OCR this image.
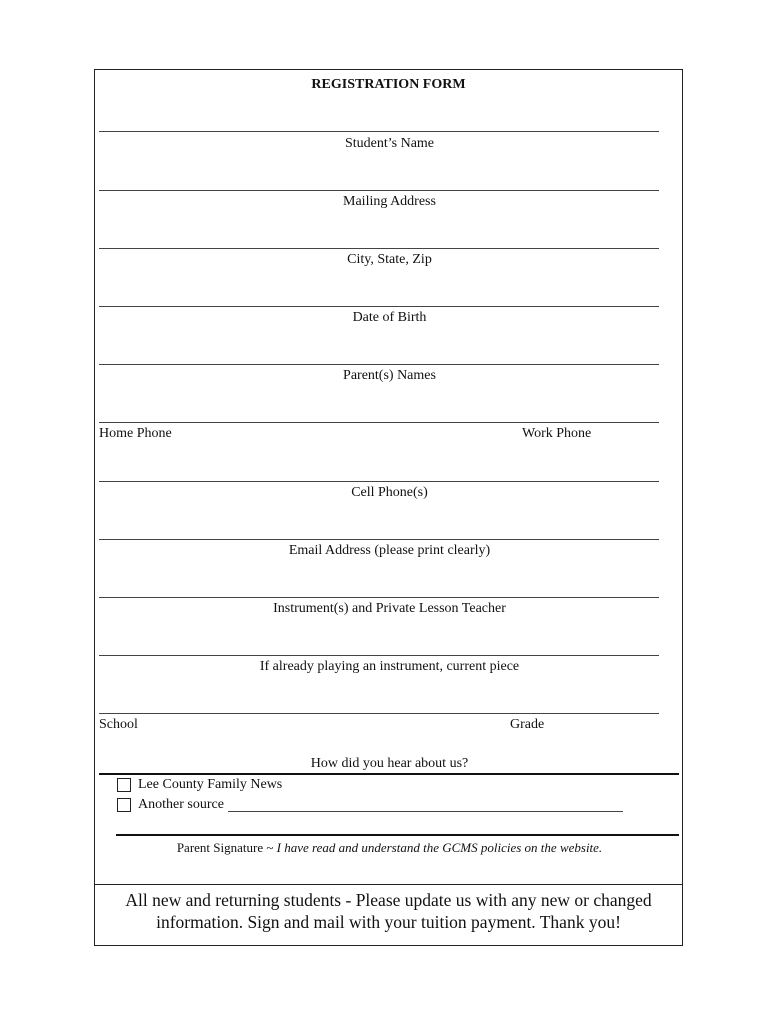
REGISTRATION FORM
Student’s Name
Mailing Address
City, State, Zip
Date of Birth
Parent(s) Names
Home Phone	Work Phone
Cell Phone(s)
Email Address (please print clearly)
Instrument(s) and Private Lesson Teacher
If already playing an instrument, current piece
School	Grade
How did you hear about us?
Lee County Family News
Another source
Parent Signature ~ I have read and understand the GCMS policies on the website.
All new and returning students - Please update us with any new or changed
information. Sign and mail with your tuition payment. Thank you!
